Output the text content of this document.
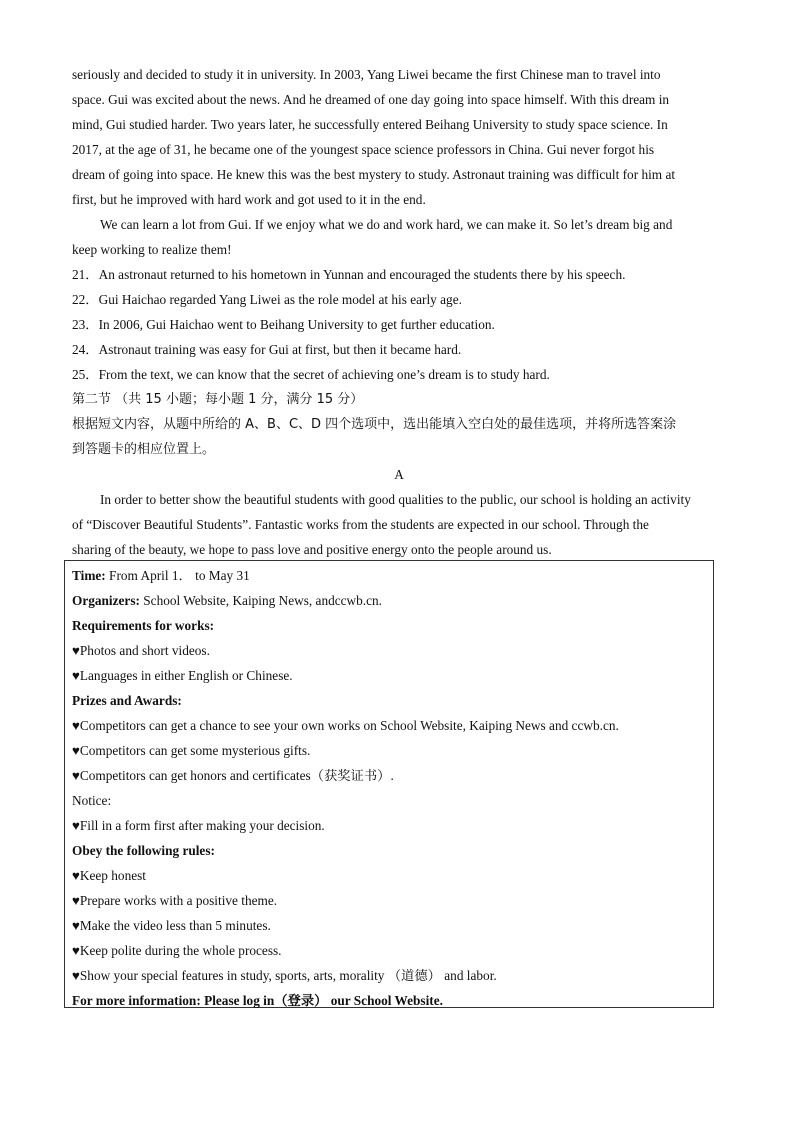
seriously and decided to study it in university. In 2003, Yang Liwei became the first Chinese man to travel into
space. Gui was excited about the news. And he dreamed of one day going into space himself. With this dream in
mind, Gui studied harder. Two years later, he successfully entered Beihang University to study space science. In
2017, at the age of 31, he became one of the youngest space science professors in China. Gui never forgot his
dream of going into space. He knew this was the best mystery to study. Astronaut training was difficult for him at
first, but he improved with hard work and got used to it in the end.
We can learn a lot from Gui. If we enjoy what we do and work hard, we can make it. So let’s dream big and
keep working to realize them!
21．An astronaut returned to his hometown in Yunnan and encouraged the students there by his speech.
22．Gui Haichao regarded Yang Liwei as the role model at his early age.
23．In 2006, Gui Haichao went to Beihang University to get further education.
24．Astronaut training was easy for Gui at first, but then it became hard.
25．From the text, we can know that the secret of achieving one’s dream is to study hard.
第二节 （共 15 小题；每小题 1 分，满分 15 分）
根据短文内容，从题中所给的 A、B、C、D 四个选项中，选出能填入空白处的最佳选项，并将所选答案涂
到答题卡的相应位置上。
A
In order to better show the beautiful students with good qualities to the public, our school is holding an activity
of “Discover Beautiful Students”. Fantastic works from the students are expected in our school. Through the
sharing of the beauty, we hope to pass love and positive energy onto the people around us.
Time: From April 1． to May 31
Organizers: School Website, Kaiping News, andccwb.cn.
Requirements for works:
♥Photos and short videos.
♥Languages in either English or Chinese.
Prizes and Awards:
♥Competitors can get a chance to see your own works on School Website, Kaiping News and ccwb.cn.
♥Competitors can get some mysterious gifts.
♥Competitors can get honors and certificates（获奖证书）.
Notice:
♥Fill in a form first after making your decision.
Obey the following rules:
♥Keep honest
♥Prepare works with a positive theme.
♥Make the video less than 5 minutes.
♥Keep polite during the whole process.
♥Show your special features in study, sports, arts, morality （道德） and labor.
For more information: Please log in（登录） our School Website.
